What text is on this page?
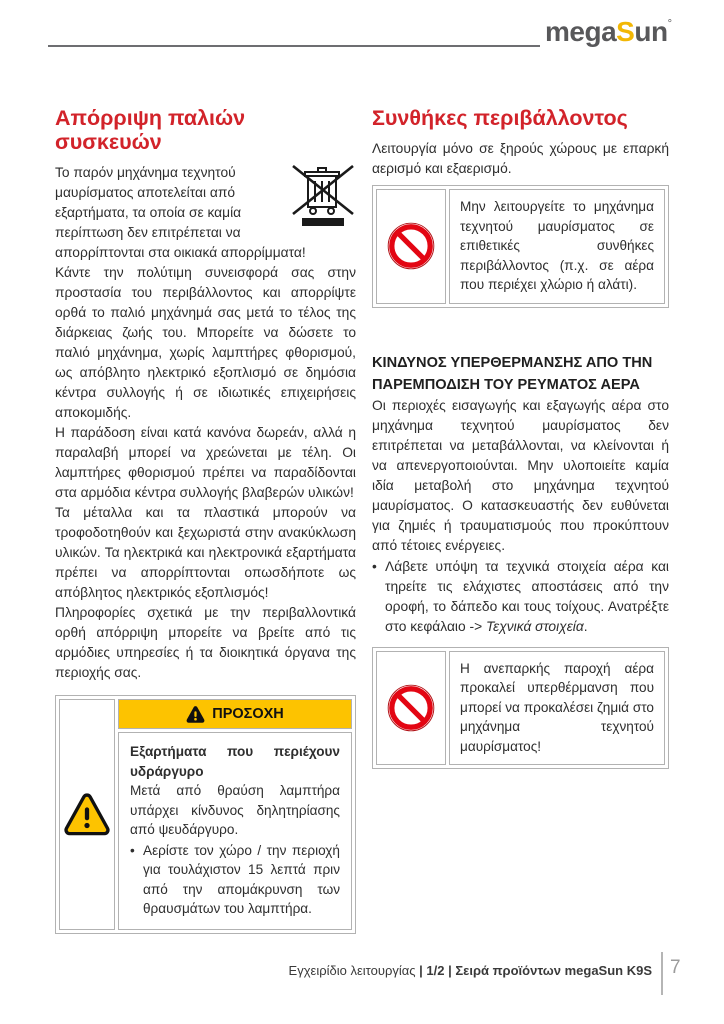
megaSun°
Απόρριψη παλιών συσκευών

Το παρόν μηχάνημα τεχνητού μαυρίσματος αποτελείται από εξαρτήματα, τα οποία σε καμία περίπτωση δεν επιτρέπεται να απορρίπτονται στα οικιακά απορρίμματα!

Κάντε την πολύτιμη συνεισφορά σας στην προστασία του περιβάλλοντος και απορρίψτε ορθά το παλιό μηχάνημά σας μετά το τέλος της διάρκειας ζωής του. Μπορείτε να δώσετε το παλιό μηχάνημα, χωρίς λαμπτήρες φθορισμού, ως απόβλητο ηλεκτρικό εξοπλισμό σε δημόσια κέντρα συλλογής ή σε ιδιωτικές επιχειρήσεις αποκομιδής.

Η παράδοση είναι κατά κανόνα δωρεάν, αλλά η παραλαβή μπορεί να χρεώνεται με τέλη. Οι λαμπτήρες φθορισμού πρέπει να παραδίδονται στα αρμόδια κέντρα συλλογής βλαβερών υλικών!

Τα μέταλλα και τα πλαστικά μπορούν να τροφοδοτηθούν και ξεχωριστά στην ανακύκλωση υλικών. Τα ηλεκτρικά και ηλεκτρονικά εξαρτήματα πρέπει να απορρίπτονται οπωσδήποτε ως απόβλητος ηλεκτρικός εξοπλισμός!

Πληροφορίες σχετικά με την περιβαλλοντικά ορθή απόρριψη μπορείτε να βρείτε από τις αρμόδιες υπηρεσίες ή τα διοικητικά όργανα της περιοχής σας.

ΠΡΟΣΟΧΗ

Εξαρτήματα που περιέχουν υδράργυρο

Μετά από θραύση λαμπτήρα υπάρχει κίνδυνος δηλητηρίασης από ψευδάργυρο.

• Αερίστε τον χώρο / την περιοχή για τουλάχιστον 15 λεπτά πριν από την απομάκρυνση των θραυσμάτων του λαμπτήρα.
Συνθήκες περιβάλλοντος

Λειτουργία μόνο σε ξηρούς χώρους με επαρκή αερισμό και εξαερισμό.

Μην λειτουργείτε το μηχάνημα τεχνητού μαυρίσματος σε επιθετικές συνθήκες περιβάλλοντος (π.χ. σε αέρα που περιέχει χλώριο ή αλάτι).
ΚΙΝΔΥΝΟΣ ΥΠΕΡΘΕΡΜΑΝΣΗΣ ΑΠΟ ΤΗΝ ΠΑΡΕΜΠΟΔΙΣΗ ΤΟΥ ΡΕΥΜΑΤΟΣ ΑΕΡΑ

Οι περιοχές εισαγωγής και εξαγωγής αέρα στο μηχάνημα τεχνητού μαυρίσματος δεν επιτρέπεται να μεταβάλλονται, να κλείνονται ή να απενεργοποιούνται. Μην υλοποιείτε καμία ιδία μεταβολή στο μηχάνημα τεχνητού μαυρίσματος. Ο κατασκευαστής δεν ευθύνεται για ζημιές ή τραυματισμούς που προκύπτουν από τέτοιες ενέργειες.

• Λάβετε υπόψη τα τεχνικά στοιχεία αέρα και τηρείτε τις ελάχιστες αποστάσεις από την οροφή, το δάπεδο και τους τοίχους. Ανατρέξτε στο κεφάλαιο -> Τεχνικά στοιχεία.
Η ανεπαρκής παροχή αέρα προκαλεί υπερθέρμανση που μπορεί να προκαλέσει ζημιά στο μηχάνημα τεχνητού μαυρίσματος!
Εγχειρίδιο λειτουργίας | 1/2 | Σειρά προϊόντων megaSun K9S 7
